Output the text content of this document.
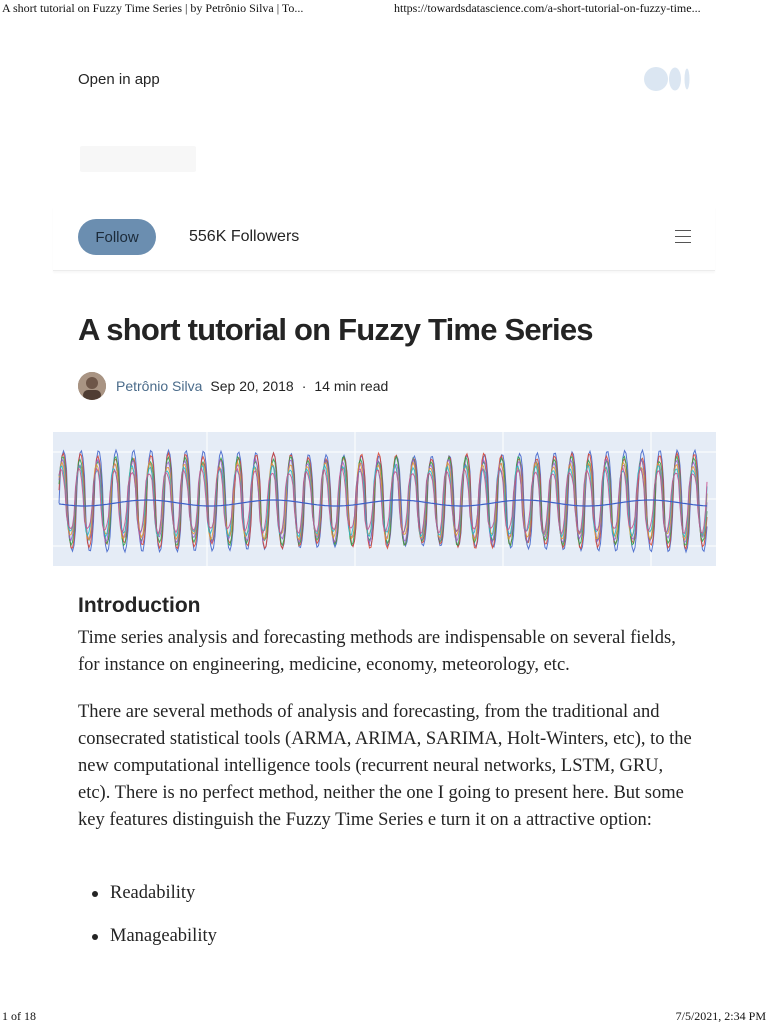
A short tutorial on Fuzzy Time Series | by Petrônio Silva | To...	https://towardsdatascience.com/a-short-tutorial-on-fuzzy-time...
Open in app
Follow	556K Followers
A short tutorial on Fuzzy Time Series
Petrônio Silva Sep 20, 2018 · 14 min read
Introduction

Time series analysis and forecasting methods are indispensable on several fields, for instance on engineering, medicine, economy, meteorology, etc.

There are several methods of analysis and forecasting, from the traditional and consecrated statistical tools (ARMA, ARIMA, SARIMA, Holt-Winters, etc), to the new computational intelligence tools (recurrent neural networks, LSTM, GRU, etc). There is no perfect method, neither the one I going to present here. But some key features distinguish the Fuzzy Time Series e turn it on a attractive option:

Readability
Manageability
1 of 18	7/5/2021, 2:34 PM
